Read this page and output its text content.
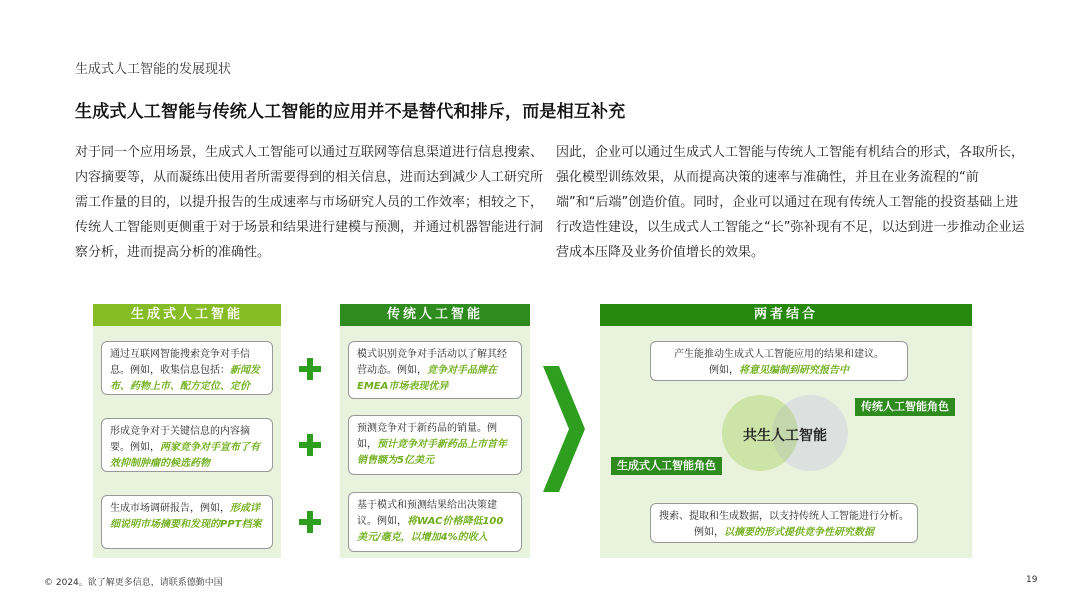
生成式人工智能的发展现状
生成式人工智能与传统人工智能的应用并不是替代和排斥，而是相互补充
对于同一个应用场景，生成式人工智能可以通过互联网等信息渠道进行信息搜索、内容摘要等，从而凝练出使用者所需要得到的相关信息，进而达到减少人工研究所需工作量的目的，以提升报告的生成速率与市场研究人员的工作效率；相较之下，传统人工智能则更侧重于对于场景和结果进行建模与预测，并通过机器智能进行洞察分析，进而提高分析的准确性。
因此，企业可以通过生成式人工智能与传统人工智能有机结合的形式，各取所长，强化模型训练效果，从而提高决策的速率与准确性，并且在业务流程的“前端”和“后端”创造价值。同时，企业可以通过在现有传统人工智能的投资基础上进行改造性建设，以生成式人工智能之“长”弥补现有不足，以达到进一步推动企业运营成本压降及业务价值增长的效果。
生成式人工智能	传统人工智能	两者结合
通过互联网智能搜索竞争对手信息。例如，收集信息包括：新闻发布、药物上市、配方定位、定价
形成竞争对于关键信息的内容摘要。例如，两家竞争对手宣布了有效抑制肿瘤的候选药物
生成市场调研报告，例如，形成详细说明市场摘要和发现的PPT档案
模式识别竞争对手活动以了解其经营动态。例如，竞争对手品牌在EMEA市场表现优异
预测竞争对于新药品的销量。例如，预计竞争对手新药品上市首年销售额为5亿美元
基于模式和预测结果给出决策建议。例如，将WAC价格降低100美元/毫克，以增加4%的收入
产生能推动生成式人工智能应用的结果和建议。
例如，将意见编制到研究报告中
共生人工智能
传统人工智能角色
生成式人工智能角色
搜索、提取和生成数据，以支持传统人工智能进行分析。
例如，以摘要的形式提供竞争性研究数据
© 2024。欲了解更多信息，请联系德勤中国	19
